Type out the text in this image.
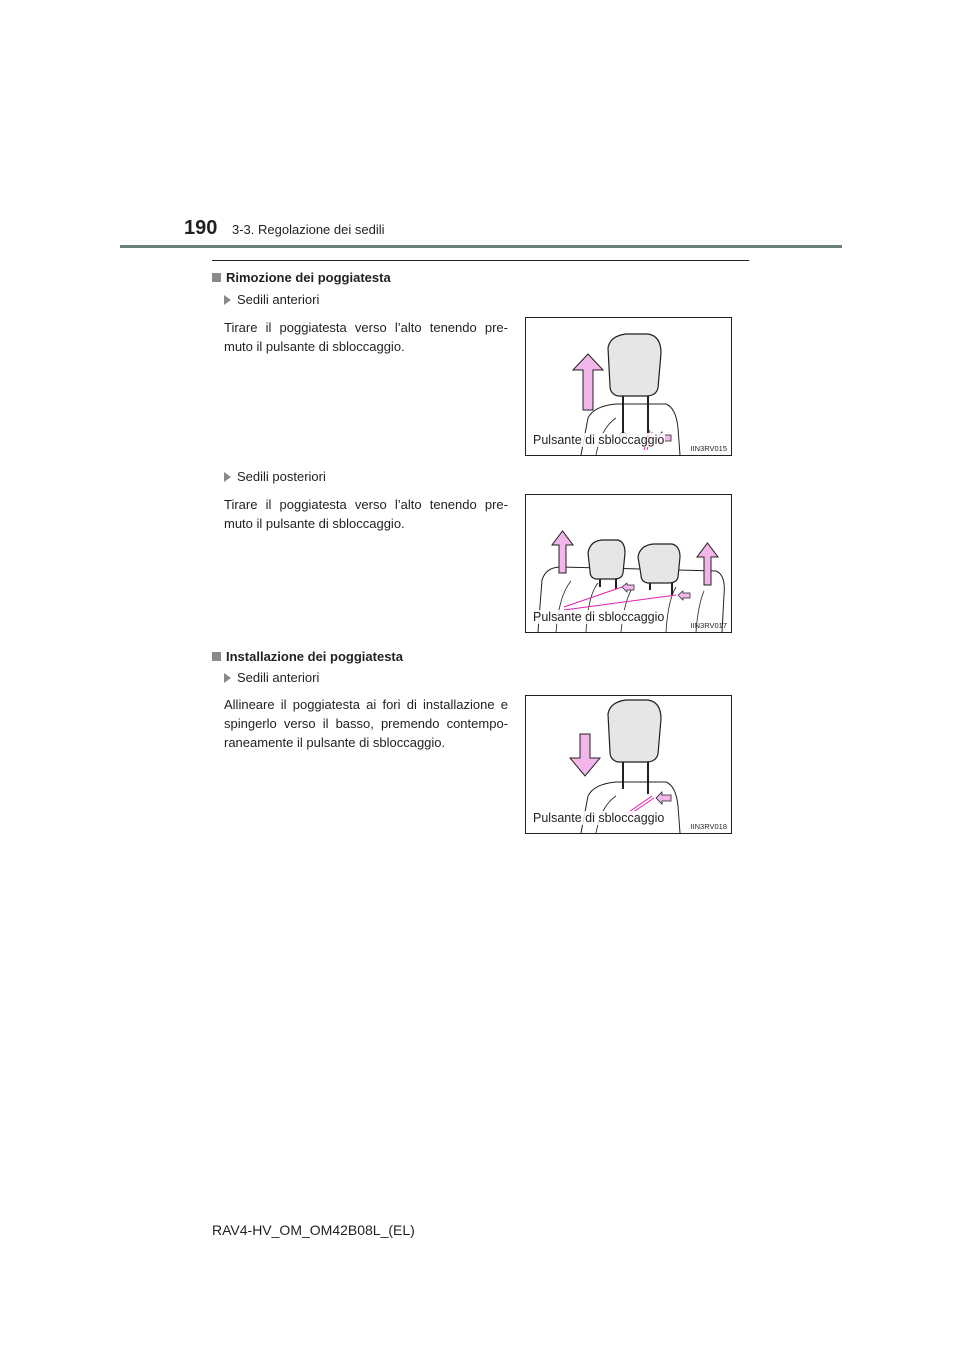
190 3-3. Regolazione dei sedili
Rimozione dei poggiatesta
Sedili anteriori
Tirare il poggiatesta verso l’alto tenendo pre-muto il pulsante di sbloccaggio.
Pulsante di sbloccaggio
IIN3RV015
Sedili posteriori
Tirare il poggiatesta verso l’alto tenendo pre-muto il pulsante di sbloccaggio.
Pulsante di sbloccaggio
IIN3RV017
Installazione dei poggiatesta
Sedili anteriori
Allineare il poggiatesta ai fori di installazione e spingerlo verso il basso, premendo contempo-raneamente il pulsante di sbloccaggio.
Pulsante di sbloccaggio
IIN3RV018
RAV4-HV_OM_OM42B08L_(EL)
